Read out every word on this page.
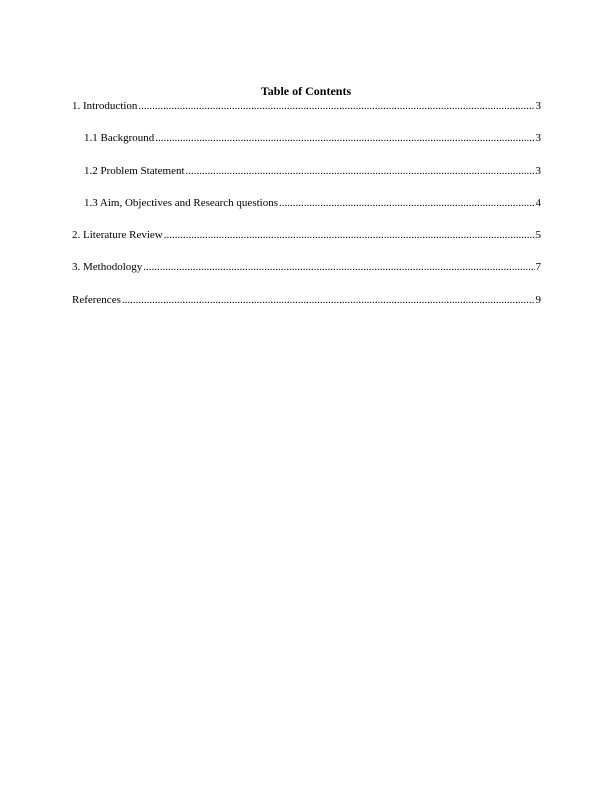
Table of Contents
1. Introduction .....	3
1.1 Background .....	3
1.2 Problem Statement .....	3
1.3 Aim, Objectives and Research questions .....	4
2. Literature Review .....	5
3. Methodology .....	7
References .....	9
